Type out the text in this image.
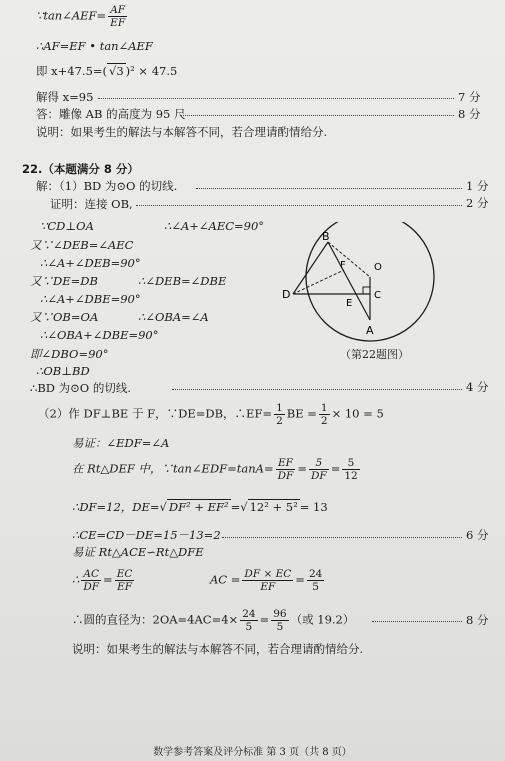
∵tan∠AEF= $\frac{AF}{EF}$
∴AF=EF • tan∠AEF
即 x+47.5=( √3 )² × 47.5
解得 x=95	7 分
答：雕像 AB 的高度为 95 尺	8 分
说明：如果考生的解法与本解答不同，若合理请酌情给分.
22.（本题满分 8 分）
解：（1）BD 为⊙O 的切线.	1 分
证明：连接 OB,	2 分
∵CD⊥OA	∴∠A+∠AEC=90°
又∵∠DEB=∠AEC
∴∠A+∠DEB=90°
又∵DE=DB	∴∠DEB=∠DBE
∴∠A+∠DBE=90°
又∵OB=OA	∴∠OBA=∠A
∴∠OBA+∠DBE=90°
即∠DBO=90°
∴OB⊥BD
∴BD 为⊙O 的切线.	4 分
B
F	O
D
E
C
A
（第22题图）
（2）作 DF⊥BE 于 F，∵DE=DB，∴EF= $\frac{1}{2}$ BE = $\frac{1}{2} \times 10 = 5$
易证：∠EDF=∠A
在 Rt△DEF 中，∵tan∠EDF=tanA= $\frac{EF}{DF} = \frac{5}{DF} = \frac{5}{12}$
∴DF=12，DE=√ DF² + EF² =√ 12² + 5² = 13
∴CE=CD－DE=15－13=2	6 分
易证 Rt△ACE∽Rt△DFE
∴ $\frac{AC}{DF} = \frac{EC}{EF}$	AC = $\frac{DF \times EC}{EF} = \frac{24}{5}$
∴圆的直径为：$2OA=4AC=4\times \frac{24}{5} = \frac{96}{5}$ （或 19.2）	8 分
说明：如果考生的解法与本解答不同，若合理请酌情给分.
数学参考答案及评分标准 第 3 页（共 8 页）
